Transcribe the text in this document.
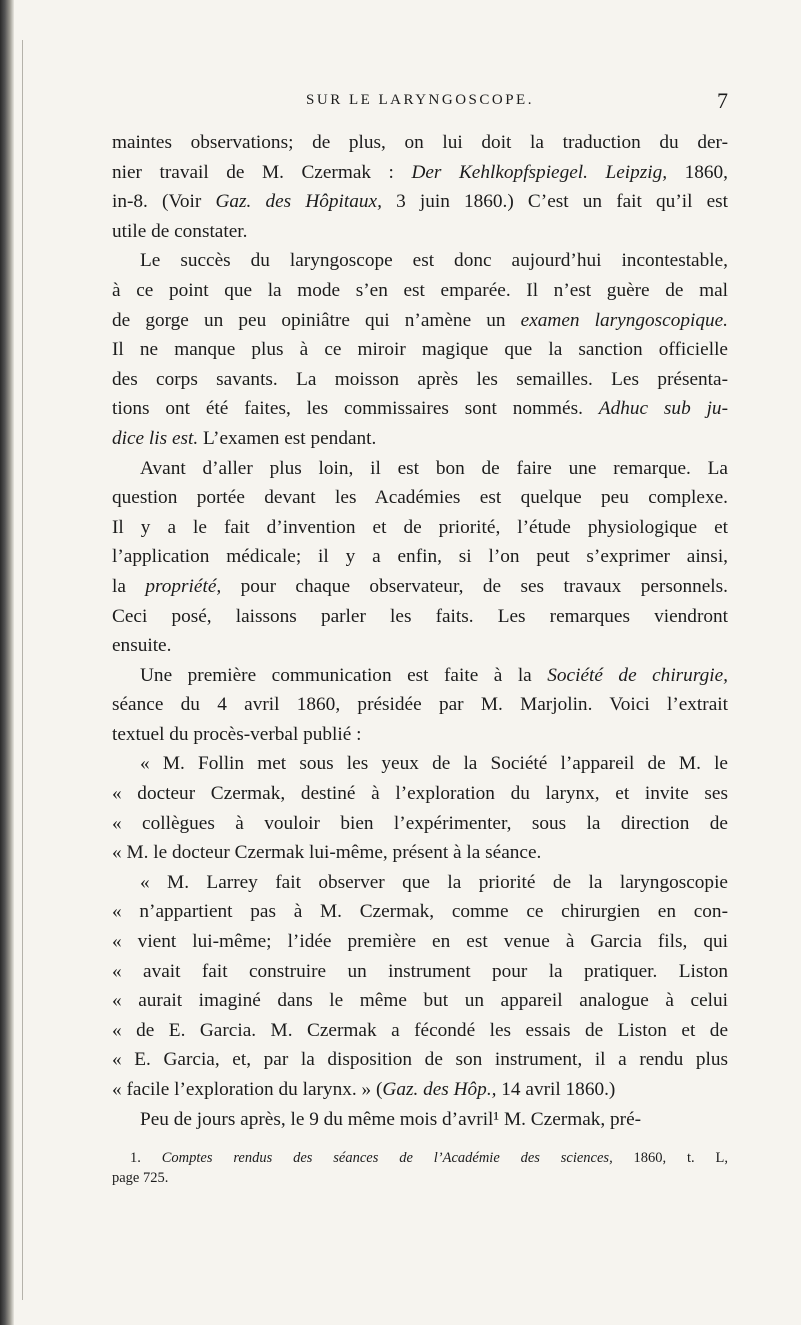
SUR LE LARYNGOSCOPE.	7
maintes observations; de plus, on lui doit la traduction du der-
nier travail de M. Czermak : Der Kehlkopfspiegel. Leipzig, 1860,
in-8. (Voir Gaz. des Hôpitaux, 3 juin 1860.) C’est un fait qu’il est
utile de constater.
Le succès du laryngoscope est donc aujourd’hui incontestable,
à ce point que la mode s’en est emparée. Il n’est guère de mal
de gorge un peu opiniâtre qui n’amène un examen laryngoscopique.
Il ne manque plus à ce miroir magique que la sanction officielle
des corps savants. La moisson après les semailles. Les présenta-
tions ont été faites, les commissaires sont nommés. Adhuc sub ju-
dice lis est. L’examen est pendant.
Avant d’aller plus loin, il est bon de faire une remarque. La
question portée devant les Académies est quelque peu complexe.
Il y a le fait d’invention et de priorité, l’étude physiologique et
l’application médicale; il y a enfin, si l’on peut s’exprimer ainsi,
la propriété, pour chaque observateur, de ses travaux personnels.
Ceci posé, laissons parler les faits. Les remarques viendront
ensuite.
Une première communication est faite à la Société de chirurgie,
séance du 4 avril 1860, présidée par M. Marjolin. Voici l’extrait
textuel du procès-verbal publié :
« M. Follin met sous les yeux de la Société l’appareil de M. le
« docteur Czermak, destiné à l’exploration du larynx, et invite ses
« collègues à vouloir bien l’expérimenter, sous la direction de
« M. le docteur Czermak lui-même, présent à la séance.
« M. Larrey fait observer que la priorité de la laryngoscopie
« n’appartient pas à M. Czermak, comme ce chirurgien en con-
« vient lui-même; l’idée première en est venue à Garcia fils, qui
« avait fait construire un instrument pour la pratiquer. Liston
« aurait imaginé dans le même but un appareil analogue à celui
« de E. Garcia. M. Czermak a fécondé les essais de Liston et de
« E. Garcia, et, par la disposition de son instrument, il a rendu plus
« facile l’exploration du larynx. » (Gaz. des Hôp., 14 avril 1860.)
Peu de jours après, le 9 du même mois d’avril¹ M. Czermak, pré-
1. Comptes rendus des séances de l’Académie des sciences, 1860, t. L,
page 725.
